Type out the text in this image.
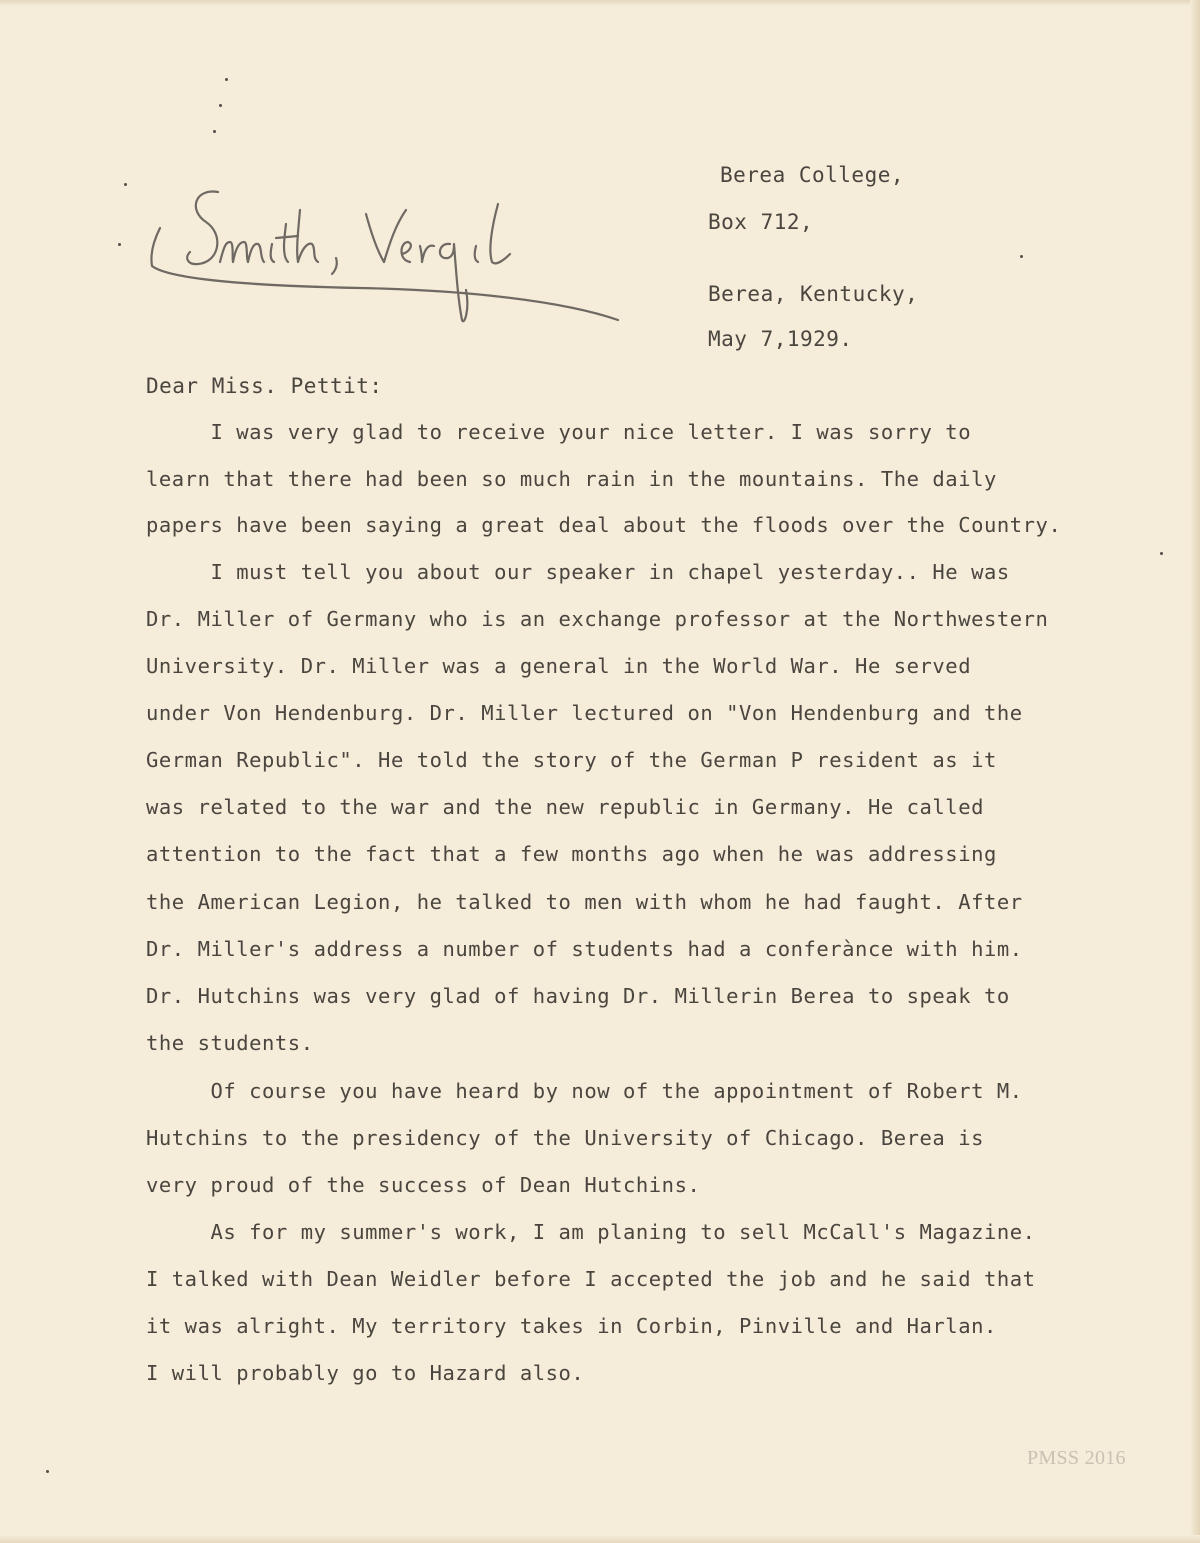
Berea College,
Box 712,
Berea, Kentucky,
May 7,1929.
Dear Miss. Pettit:
I was very glad to receive your nice letter. I was sorry to
learn that there had been so much rain in the mountains. The daily
papers have been saying a great deal about the floods over the Country.
I must tell you about our speaker in chapel yesterday.. He was
Dr. Miller of Germany who is an exchange professor at the Northwestern
University. Dr. Miller was a general in the World War. He served
under Von Hendenburg. Dr. Miller lectured on "Von Hendenburg and the
German Republic". He told the story of the German P resident as it
was related to the war and the new republic in Germany. He called
attention to the fact that a few months ago when he was addressing
the American Legion, he talked to men with whom he had faught. After
Dr. Miller's address a number of students had a conferànce with him.
Dr. Hutchins was very glad of having Dr. Millerin Berea to speak to
the students.
Of course you have heard by now of the appointment of Robert M.
Hutchins to the presidency of the University of Chicago. Berea is
very proud of the success of Dean Hutchins.
As for my summer's work, I am planing to sell McCall's Magazine.
I talked with Dean Weidler before I accepted the job and he said that
it was alright. My territory takes in Corbin, Pinville and Harlan.
I will probably go to Hazard also.
PMSS 2016
